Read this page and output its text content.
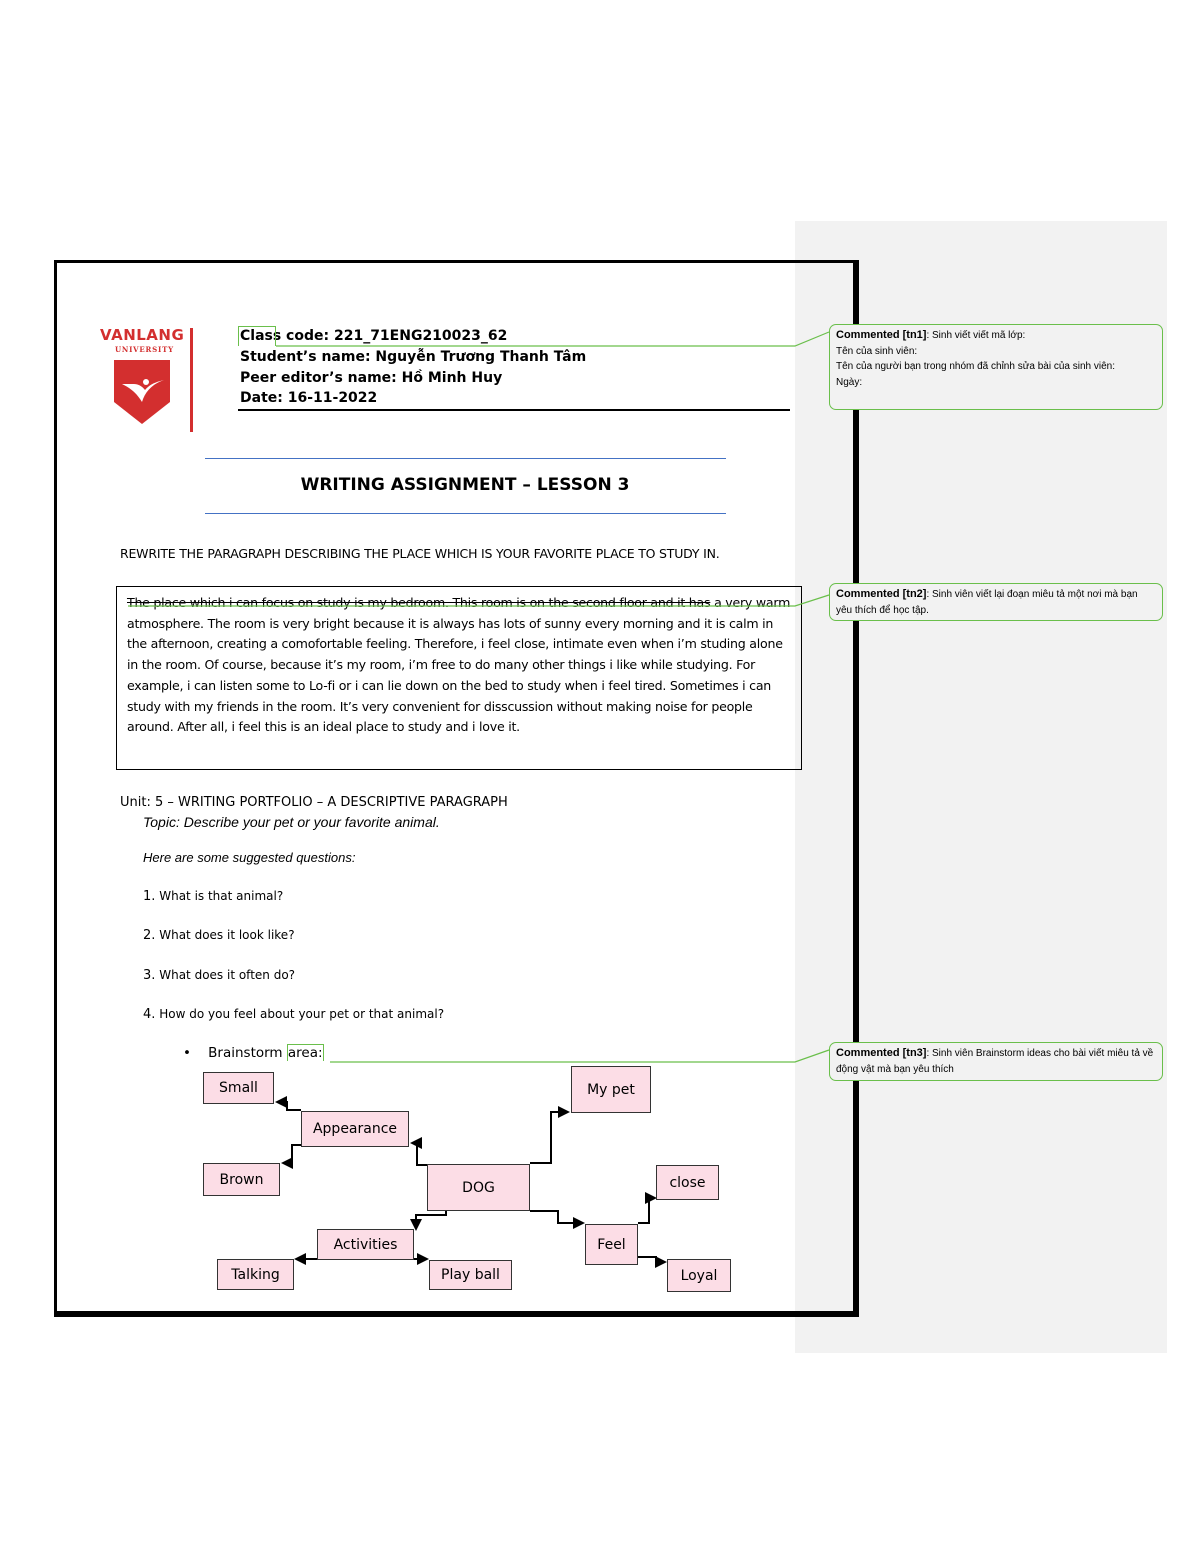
VANLANG
UNIVERSITY
Class code: 221_71ENG210023_62
Student’s name: Nguyễn Trương Thanh Tâm
Peer editor’s name: Hồ Minh Huy
Date: 16-11-2022
WRITING ASSIGNMENT – LESSON 3
REWRITE THE PARAGRAPH DESCRIBING THE PLACE WHICH IS YOUR FAVORITE PLACE TO STUDY IN.
The place which i can focus on study is my bedroom. This room is on the second floor and it has a very warm atmosphere. The room is very bright because it is always has lots of sunny every morning and it is calm in the afternoon, creating a comofortable feeling. Therefore, i feel close, intimate even when i’m studing alone in the room. Of course, because it’s my room, i’m free to do many other things i like while studying. For example, i can listen some to Lo-fi or i can lie down on the bed to study when i feel tired. Sometimes i can study with my friends in the room. It’s very convenient for disscussion without making noise for people around. After all, i feel this is an ideal place to study and i love it.
Unit: 5 – WRITING PORTFOLIO – A DESCRIPTIVE PARAGRAPH
Topic: Describe your pet or your favorite animal.
Here are some suggested questions:
1. What is that animal?
2. What does it look like?
3. What does it often do?
4. How do you feel about your pet or that animal?
• Brainstorm area:
Small
Appearance
Brown	DOG
My pet
Activities
Talking	Play ball
Feel
close
Loyal
Commented [tn1]: Sinh viết viết mã lớp:
Tên của sinh viên:
Tên của người bạn trong nhóm đã chỉnh sửa bài của sinh viên:
Ngày:
Commented [tn2]: Sinh viên viết lại đoạn miêu tả một nơi mà bạn yêu thích để học tập.
Commented [tn3]: Sinh viên Brainstorm ideas cho bài viết miêu tả về động vật mà bạn yêu thích
